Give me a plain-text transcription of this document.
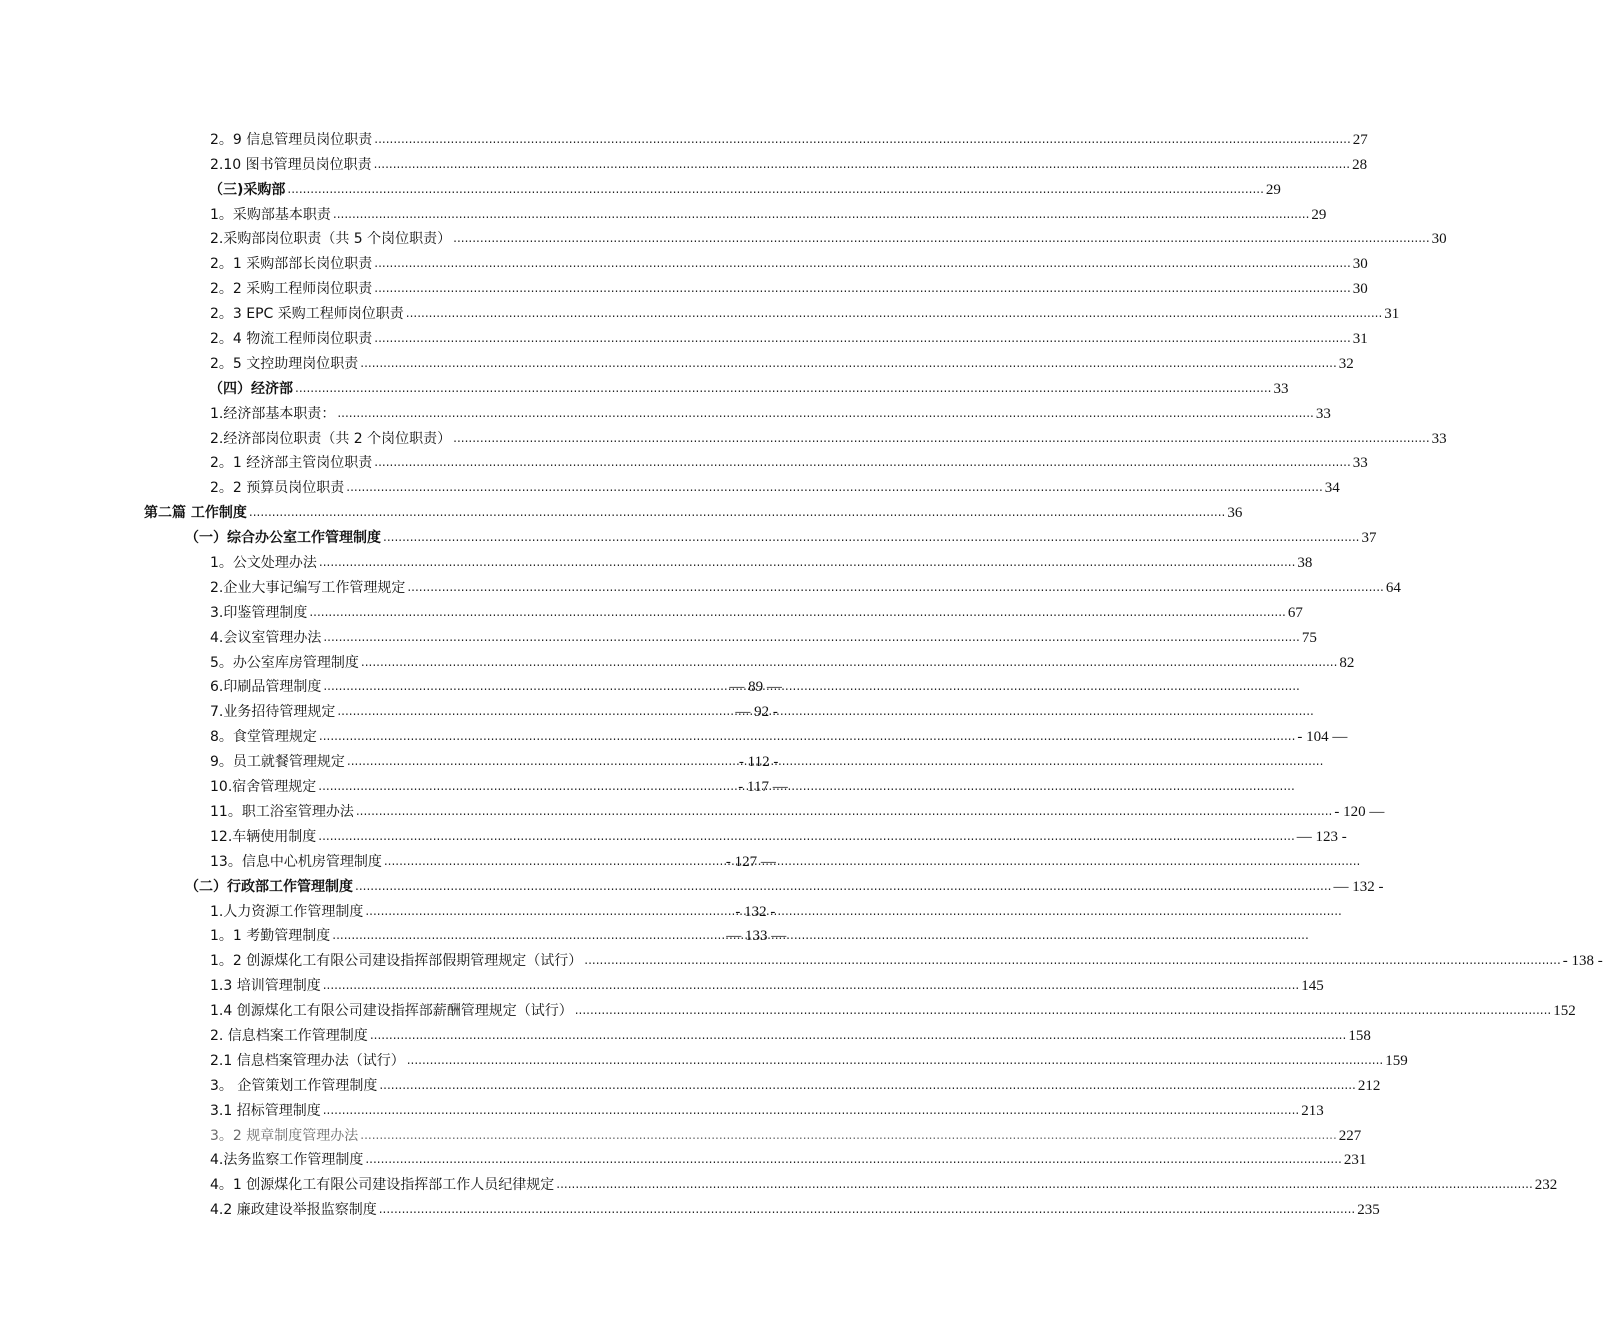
2。9 信息管理员岗位职责 .....	27
2.10 图书管理员岗位职责 .....	28
（三)采购部 .....	29
1。采购部基本职责 .....	29
2.采购部岗位职责（共 5 个岗位职责） .....	30
2。1 采购部部长岗位职责 .....	30
2。2 采购工程师岗位职责 .....	30
2。3 EPC 采购工程师岗位职责 .....	31
2。4 物流工程师岗位职责 .....	31
2。5 文控助理岗位职责 .....	32
（四）经济部 .....	33
1.经济部基本职责： .....	33
2.经济部岗位职责（共 2 个岗位职责） .....	33
2。1 经济部主管岗位职责 .....	33
2。2 预算员岗位职责 .....	34
第二篇 工作制度 .....	36
（一）综合办公室工作管理制度 .....	37
1。公文处理办法 .....	38
2.企业大事记编写工作管理规定 .....	64
3.印鉴管理制度 .....	67
4.会议室管理办法 .....	75
5。办公室库房管理制度 .....	82
6.印刷品管理制度 .....	— 89 —
7.业务招待管理规定 .....	— 92 -
8。食堂管理规定 .....	- 104 —
9。员工就餐管理规定 .....	- 112 -
10.宿舍管理规定 .....	- 117 —
11。职工浴室管理办法 .....	- 120 —
12.车辆使用制度 .....	— 123 -
13。信息中心机房管理制度 .....	- 127 —
（二）行政部工作管理制度 .....	— 132 -
1.人力资源工作管理制度 .....	- 132 -
1。1 考勤管理制度 .....	— 133 —
1。2 创源煤化工有限公司建设指挥部假期管理规定（试行） .....	- 138 -
1.3 培训管理制度 .....	145
1.4 创源煤化工有限公司建设指挥部薪酬管理规定（试行） .....	152
2. 信息档案工作管理制度 .....	158
2.1 信息档案管理办法（试行） .....	159
3。 企管策划工作管理制度 .....	212
3.1 招标管理制度 .....	213
3。2 规章制度管理办法 .....	227
4.法务监察工作管理制度 .....	231
4。1 创源煤化工有限公司建设指挥部工作人员纪律规定 .....	232
4.2 廉政建设举报监察制度 .....	235
